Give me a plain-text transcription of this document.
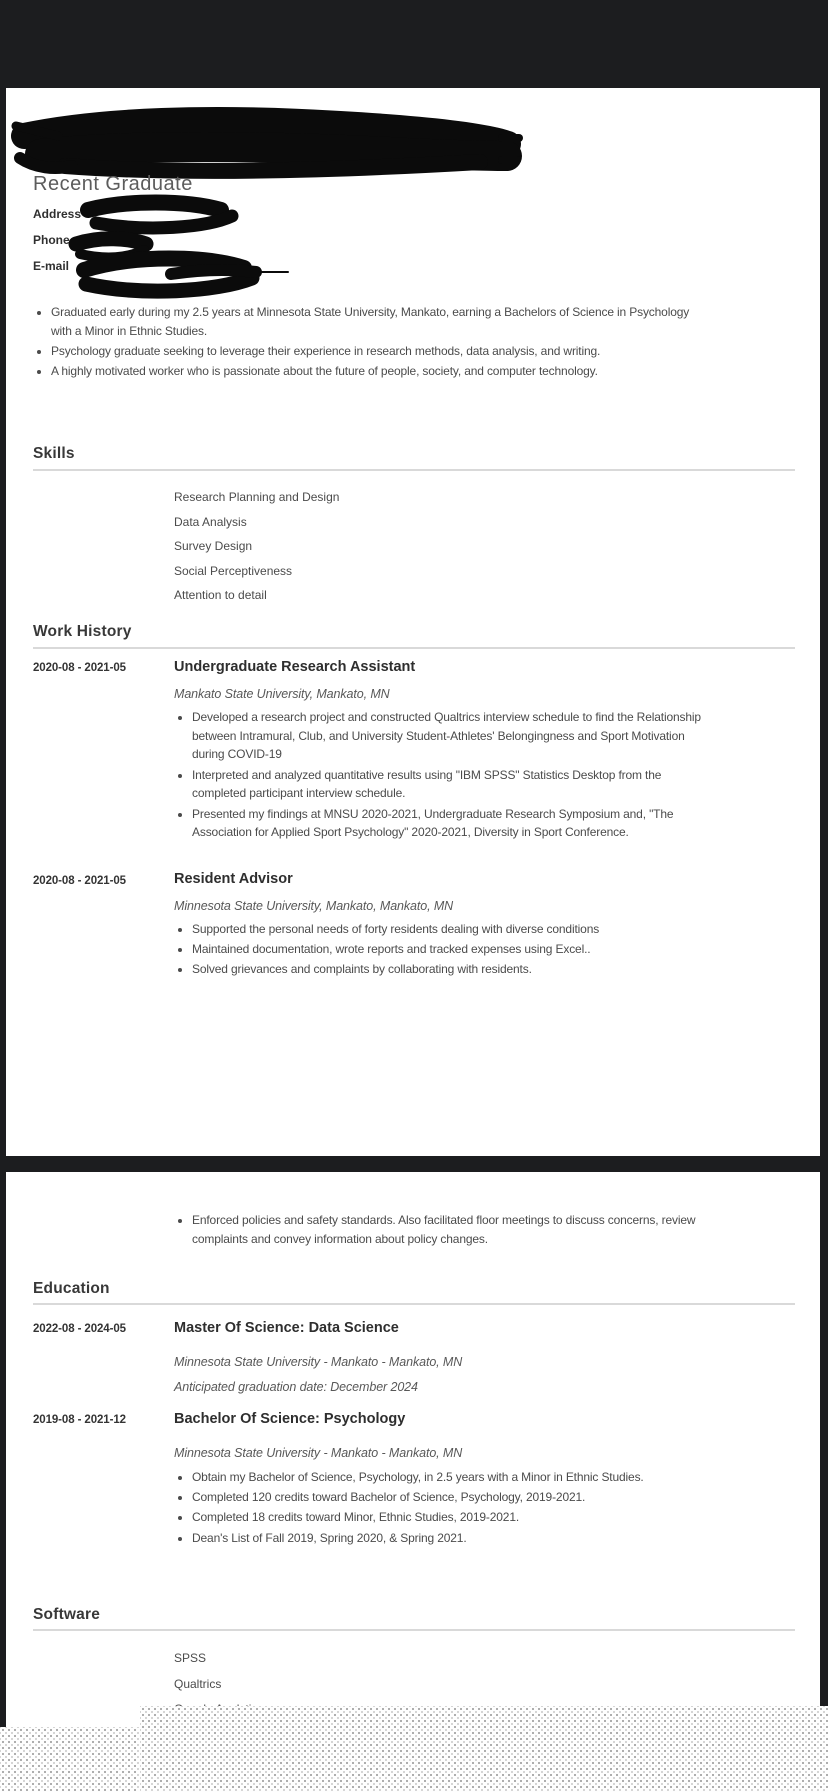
Recent Graduate
Address
Phone
E-mail
• Graduated early during my 2.5 years at Minnesota State University, Mankato, earning a Bachelors of Science in Psychology with a Minor in Ethnic Studies.
• Psychology graduate seeking to leverage their experience in research methods, data analysis, and writing.
• A highly motivated worker who is passionate about the future of people, society, and computer technology.
Skills
Research Planning and Design
Data Analysis
Survey Design
Social Perceptiveness
Attention to detail
Work History
2020-08 - 2021-05	Undergraduate Research Assistant
Mankato State University, Mankato, MN
• Developed a research project and constructed Qualtrics interview schedule to find the Relationship between Intramural, Club, and University Student-Athletes' Belongingness and Sport Motivation during COVID-19
• Interpreted and analyzed quantitative results using "IBM SPSS" Statistics Desktop from the completed participant interview schedule.
• Presented my findings at MNSU 2020-2021, Undergraduate Research Symposium and, "The Association for Applied Sport Psychology" 2020-2021, Diversity in Sport Conference.
2020-08 - 2021-05	Resident Advisor
Minnesota State University, Mankato, Mankato, MN
• Supported the personal needs of forty residents dealing with diverse conditions
• Maintained documentation, wrote reports and tracked expenses using Excel..
• Solved grievances and complaints by collaborating with residents.
• Enforced policies and safety standards. Also facilitated floor meetings to discuss concerns, review complaints and convey information about policy changes.
Education
2022-08 - 2024-05	Master Of Science: Data Science
Minnesota State University - Mankato - Mankato, MN
Anticipated graduation date: December 2024
2019-08 - 2021-12	Bachelor Of Science: Psychology
Minnesota State University - Mankato - Mankato, MN
• Obtain my Bachelor of Science, Psychology, in 2.5 years with a Minor in Ethnic Studies.
• Completed 120 credits toward Bachelor of Science, Psychology, 2019-2021.
• Completed 18 credits toward Minor, Ethnic Studies, 2019-2021.
• Dean's List of Fall 2019, Spring 2020, & Spring 2021.
Software
SPSS
Qualtrics
